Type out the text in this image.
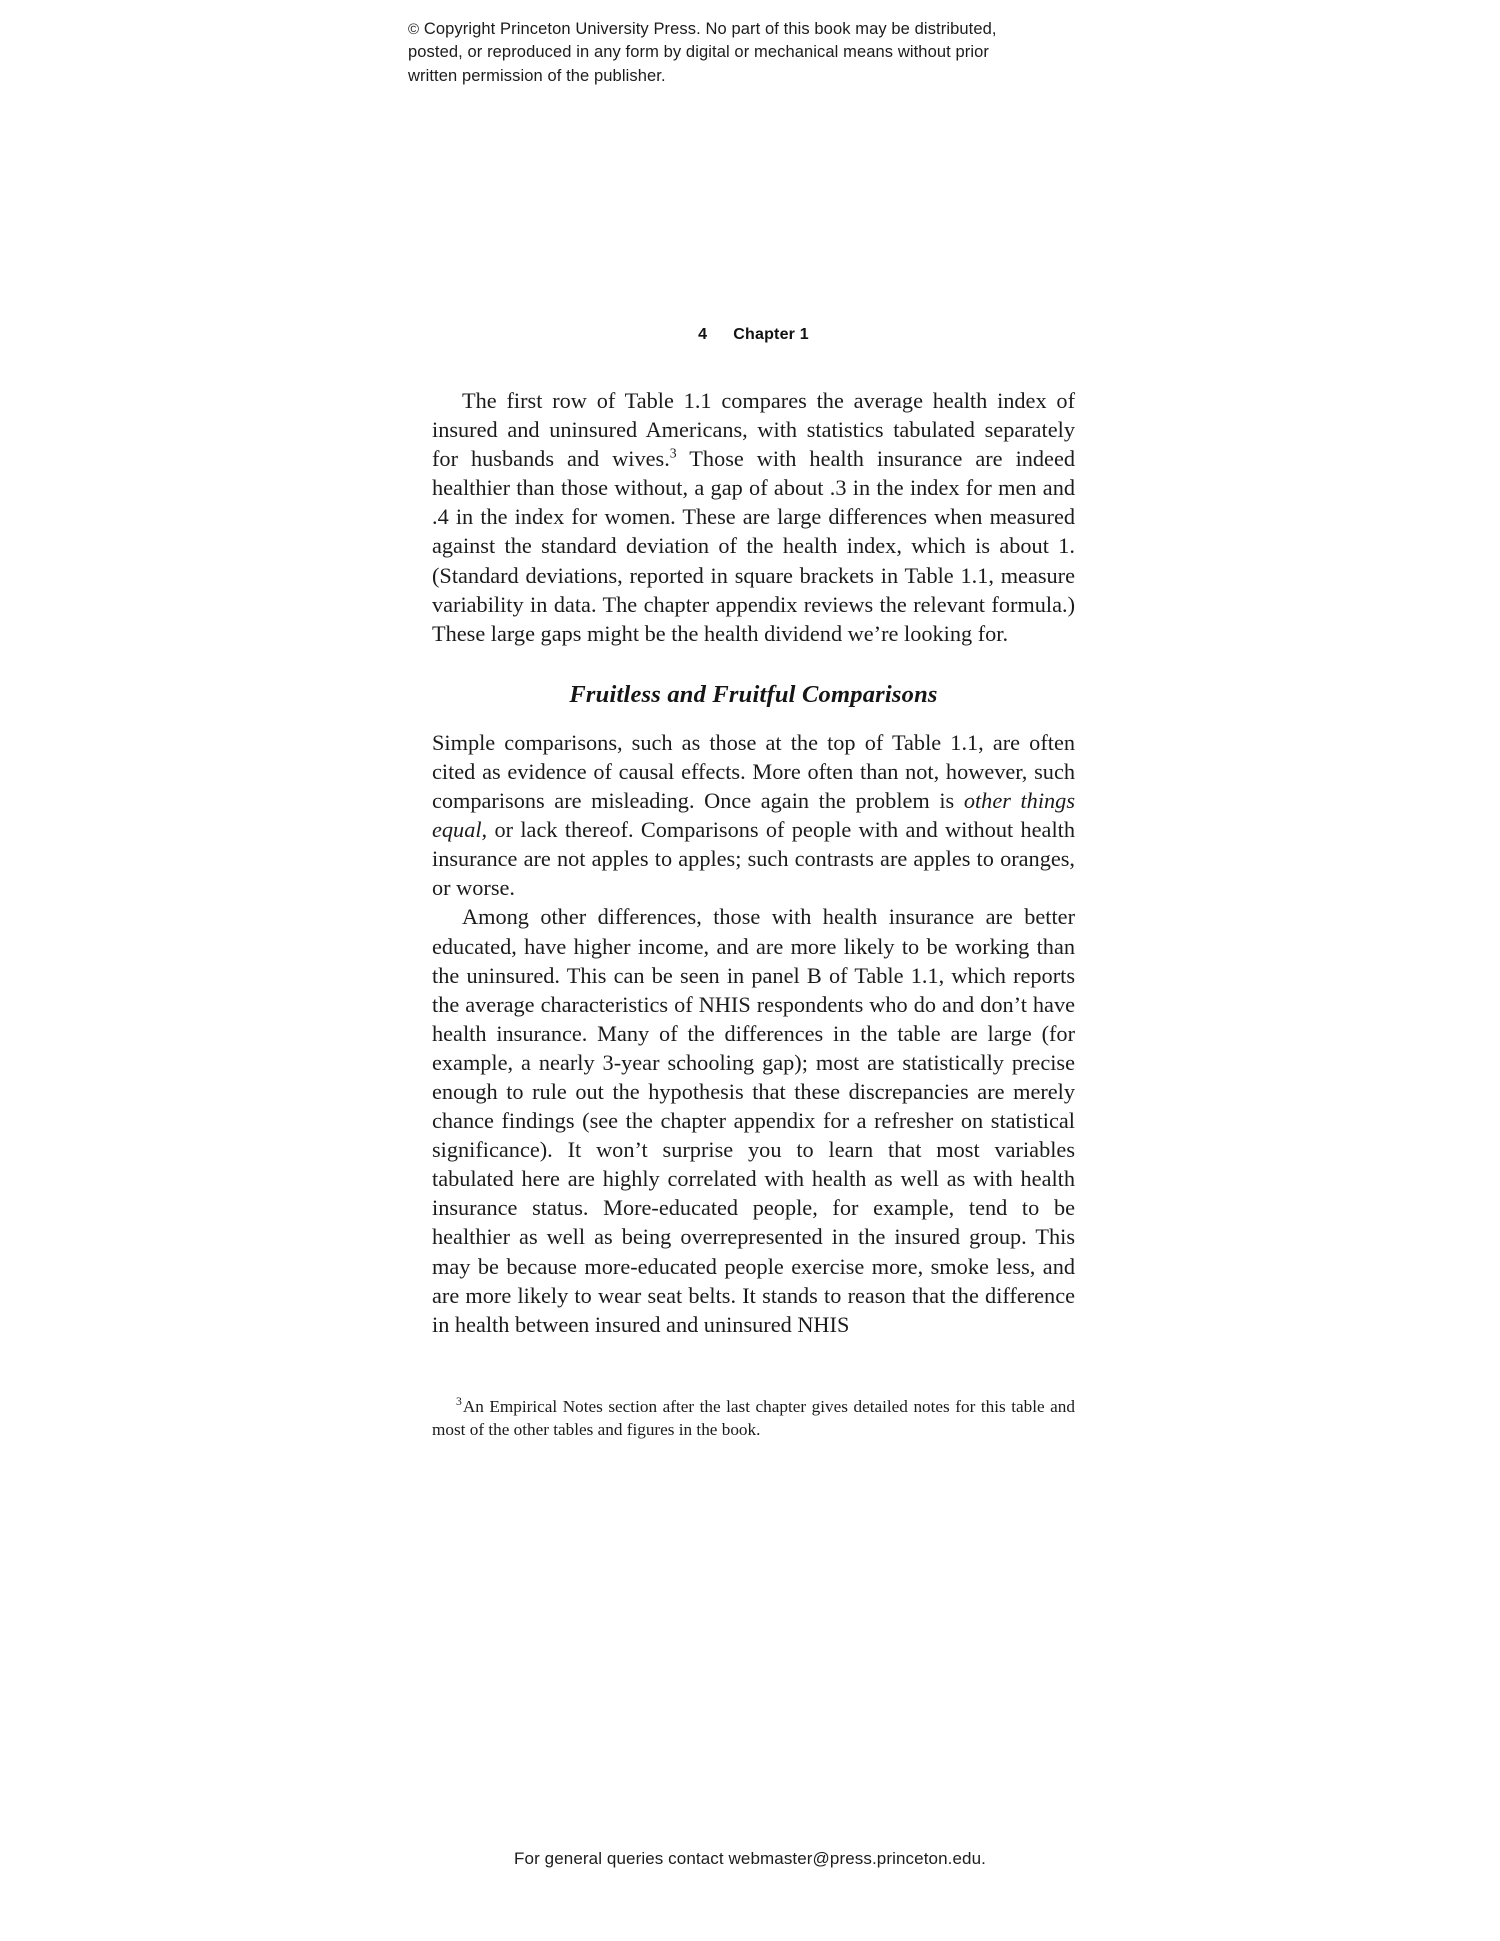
© Copyright Princeton University Press. No part of this book may be distributed, posted, or reproduced in any form by digital or mechanical means without prior written permission of the publisher.
4 Chapter 1

The first row of Table 1.1 compares the average health index of insured and uninsured Americans, with statistics tabulated separately for husbands and wives.$^3$ Those with health insurance are indeed healthier than those without, a gap of about .3 in the index for men and .4 in the index for women. These are large differences when measured against the standard deviation of the health index, which is about 1. (Standard deviations, reported in square brackets in Table 1.1, measure variability in data. The chapter appendix reviews the relevant formula.) These large gaps might be the health dividend we’re looking for.

Fruitless and Fruitful Comparisons

Simple comparisons, such as those at the top of Table 1.1, are often cited as evidence of causal effects. More often than not, however, such comparisons are misleading. Once again the problem is other things equal, or lack thereof. Comparisons of people with and without health insurance are not apples to apples; such contrasts are apples to oranges, or worse.

Among other differences, those with health insurance are better educated, have higher income, and are more likely to be working than the uninsured. This can be seen in panel B of Table 1.1, which reports the average characteristics of NHIS respondents who do and don’t have health insurance. Many of the differences in the table are large (for example, a nearly 3-year schooling gap); most are statistically precise enough to rule out the hypothesis that these discrepancies are merely chance findings (see the chapter appendix for a refresher on statistical significance). It won’t surprise you to learn that most variables tabulated here are highly correlated with health as well as with health insurance status. More-educated people, for example, tend to be healthier as well as being overrepresented in the insured group. This may be because more-educated people exercise more, smoke less, and are more likely to wear seat belts. It stands to reason that the difference in health between insured and uninsured NHIS

$^3$An Empirical Notes section after the last chapter gives detailed notes for this table and most of the other tables and figures in the book.

For general queries contact webmaster@press.princeton.edu.
